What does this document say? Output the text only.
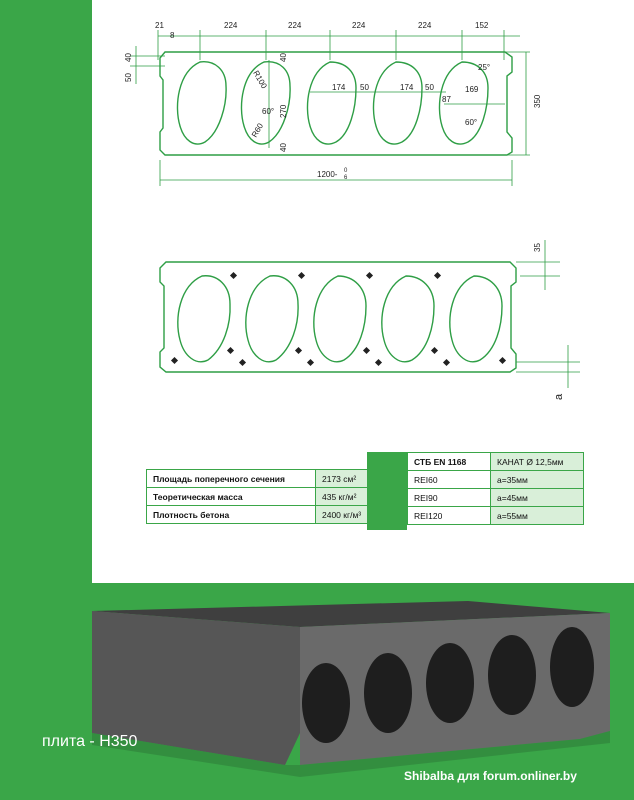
21
8
224	224	224	224	152
50
40
R100
60° 270
40
40
R60
174 50	174 50
25°
87
169
60°
350
1200- 0
6
35
a
Площадь поперечного сечения	2173 см²
Теоретическая масса	435 кг/м²
Плотность бетона	2400 кг/м³
СТБ EN 1168	КАНАТ Ø 12,5мм
REI60	а=35мм
REI90	а=45мм
REI120	а=55мм
плита - Н350
Shibalba для forum.onliner.by
